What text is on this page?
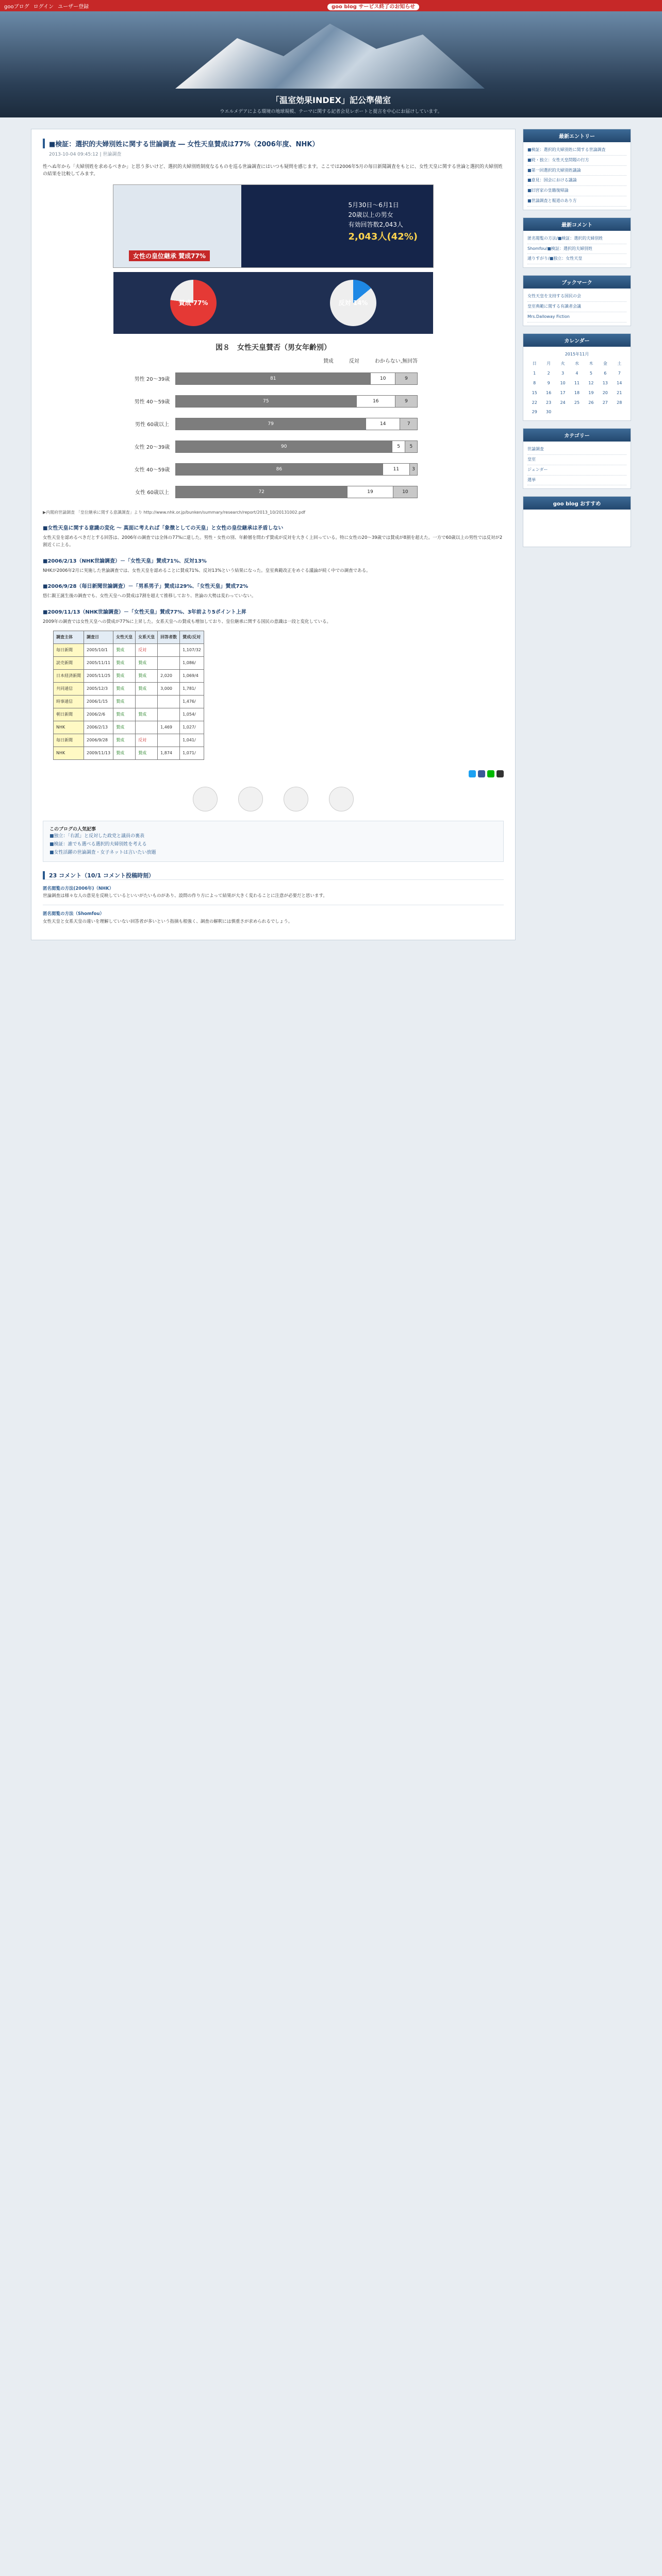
gooブログ ログイン ユーザー登録	goo blog サービス終了のお知らせ
「温室効果INDEX」記公準備室
ウエルメデアによる環境の地球規模、テーマに関する記者会見レポートと提言を中心にお届けしています。
■検証：選択的夫婦別姓に関する世論調査 ― 女性天皇賛成は77%（2006年度、NHK）
2013-10-04 09:45:12 | 世論調査
性へぬ年から「夫婦別姓を求めるべきか」と思う多いけど、選択的夫婦別姓制度なるものを巡る世論調査にはいつも疑問を感じます。ここでは2006年5月の毎日新聞調査をもとに、女性天皇に関する世論と選択的夫婦別姓の結果を比較してみます。
5月30日〜6月1日
20歳以上の男女
有効回答数2,043人
2,043人(42%)
女性の皇位継承 賛成77%
賛成 77%	反対 14%
図８　女性天皇賛否（男女年齢別）
賛成	反対	わからない,無回答
男性 20〜39歳	81	10	9
男性 40〜59歳	75	16	9
男性 60歳以上	79	14	7
女性 20〜39歳	90	5	5
女性 40〜59歳	86	11	3
女性 60歳以上	72	19	10
▶内閣府世論調査 「皇位継承に関する意識調査」より http://www.nhk.or.jp/bunken/summary/research/report/2013_10/20131002.pdf
■女性天皇に関する意識の変化 ～ 真面に考えれば「象徴としての天皇」と女性の皇位継承は矛盾しない

女性天皇を認めるべきだとする回答は、2006年の調査では全体の77%に達した。男性・女性の別、年齢層を問わず賛成が反対を大きく上回っている。特に女性の20〜39歳では賛成が8割を超えた。一方で60歳以上の男性では反対が2割近くに上る。

■2006/2/13（NHK世論調査）－「女性天皇」賛成71%、反対13%

NHKが2006年2月に実施した世論調査では、女性天皇を認めることに賛成71%、反対13%という結果になった。皇室典範改正をめぐる議論が続く中での調査である。

■2006/9/28（毎日新聞世論調査）－「男系男子」賛成は29%、「女性天皇」賛成72%

悠仁親王誕生後の調査でも、女性天皇への賛成は7割を超えて推移しており、世論の大勢は変わっていない。

■2009/11/13（NHK世論調査）－「女性天皇」賛成77%、3年前より5ポイント上昇

2009年の調査では女性天皇への賛成が77%に上昇した。女系天皇への賛成も増加しており、皇位継承に関する国民の意識は一段と変化している。

調査主体	調査日	女性天皇	女系天皇	回答者数	賛成/反対
毎日新聞	2005/10/1	賛成	反対		1,107/32
読売新聞	2005/11/11	賛成	賛成		1,086/
日本経済新聞	2005/11/25	賛成	賛成	2,020	1,069/4
共同通信	2005/12/3	賛成	賛成	3,000	1,781/
時事通信	2006/1/15	賛成			1,476/
朝日新聞	2006/2/6	賛成	賛成		1,054/
NHK	2006/2/13	賛成		1,469	1,027/
毎日新聞	2006/9/28	賛成	反対		1,041/
NHK	2009/11/13	賛成	賛成	1,874	1,071/
このブログの人気記事
■独立：「右派」と反対した政党と議員の裏表
■検証：誰でも選べる選択的夫婦別姓を考える
■女性活躍の世論調査・女子ネットは言いたい放題
23 コメント（10/1 コメント投稿時刻）
匿名閲覧の方法(2006年)（NHK）
世論調査は様々な人の意見を反映しているといいがたいものがあり、設問の作り方によって結果が大きく変わることに注意が必要だと思います。
匿名閲覧の方法（Shomfou）
女性天皇と女系天皇の違いを理解していない回答者が多いという指摘も根強く、調査の解釈には慎重さが求められるでしょう。
最新エントリー
■検証：選択的夫婦別姓に関する世論調査
■続・独立：女性天皇問題の行方
■第一回選択的夫婦別姓議論
■意見：国会における議論
■旧宮家の皇籍復帰論
■世論調査と報道のあり方
最新コメント
匿名閲覧の方法/■検証：選択的夫婦別姓
Shomfou/■検証：選択的夫婦別姓
通りすがり/■独立：女性天皇
ブックマーク
女性天皇を支持する国民の会
皇室典範に関する有識者会議
Mrs.Dalloway Fiction
カレンダー
2015年11月
日	月	火	水	木	金	土
1	2	3	4	5	6	7
8	9	10	11	12	13	14
15	16	17	18	19	20	21
22	23	24	25	26	27	28
29	30					
カテゴリー
世論調査
皇室
ジェンダー
選挙
goo blog おすすめ
